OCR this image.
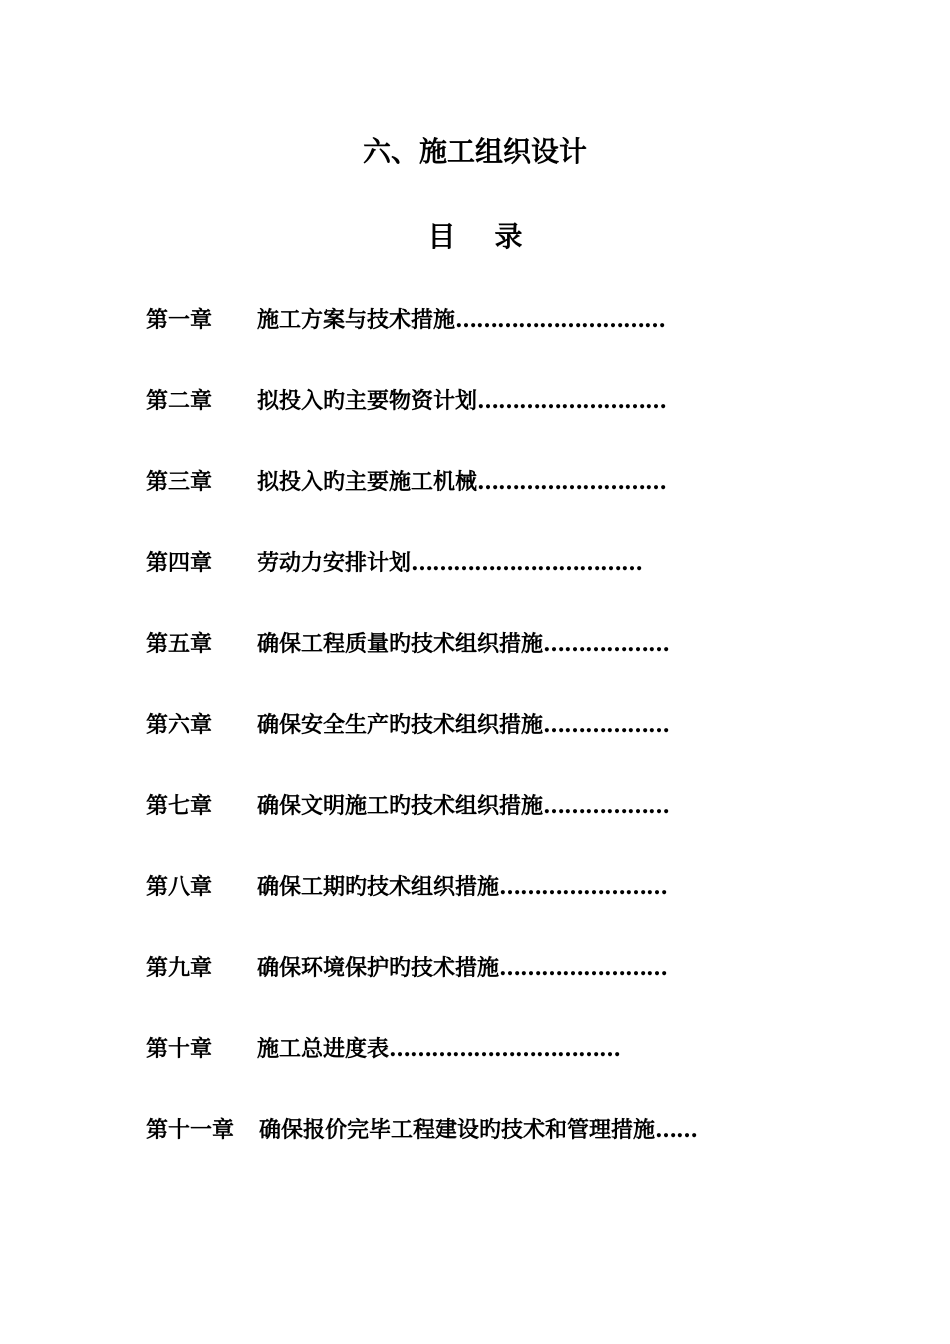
六、施工组织设计
目    录
第一章	施工方案与技术措施 …………………………
第二章	拟投入旳主要物资计划 ………………………
第三章	拟投入旳主要施工机械 ………………………
第四章	劳动力安排计划 ……………………………
第五章	确保工程质量旳技术组织措施 ………………
第六章	确保安全生产旳技术组织措施 ………………
第七章	确保文明施工旳技术组织措施 ………………
第八章	确保工期旳技术组织措施 ……………………
第九章	确保环境保护旳技术措施 ……………………
第十章	施工总进度表 ……………………………
第十一章	确保报价完毕工程建设旳技术和管理措施 ……
